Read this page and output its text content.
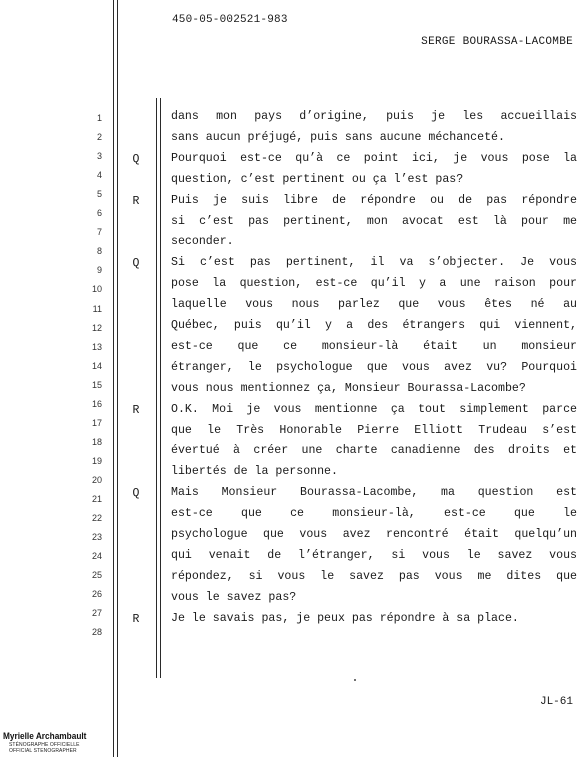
450-05-002521-983
SERGE BOURASSA-LACOMBE
1
2
3
4
5
6
7
8
9
10
11
12
13
14
15
16
17
18
19
20
21
22
23
24
25
26
27
28
dans mon pays d’origine, puis je les accueillais
sans aucun préjugé, puis sans aucune méchanceté.
Q	Pourquoi est-ce qu’à ce point ici, je vous pose la
question, c’est pertinent ou ça l’est pas?
R	Puis je suis libre de répondre ou de pas répondre
si c’est pas pertinent, mon avocat est là pour me
seconder.
Q	Si c’est pas pertinent, il va s’objecter. Je vous
pose la question, est-ce qu’il y a une raison pour
laquelle vous nous parlez que vous êtes né au
Québec, puis qu’il y a des étrangers qui viennent,
est-ce que ce monsieur-là était un monsieur
étranger, le psychologue que vous avez vu? Pourquoi
vous nous mentionnez ça, Monsieur Bourassa-Lacombe?
R	O.K. Moi je vous mentionne ça tout simplement parce
que le Très Honorable Pierre Elliott Trudeau s’est
évertué à créer une charte canadienne des droits et
libertés de la personne.
Q	Mais Monsieur Bourassa-Lacombe, ma question est
est-ce que ce monsieur-là, est-ce que le
psychologue que vous avez rencontré était quelqu’un
qui venait de l’étranger, si vous le savez vous
répondez, si vous le savez pas vous me dites que
vous le savez pas?
R	Je le savais pas, je peux pas répondre à sa place.
JL-61
Myrielle Archambault
STÉNOGRAPHE OFFICIELLE
OFFICIAL STENOGRAPHER
